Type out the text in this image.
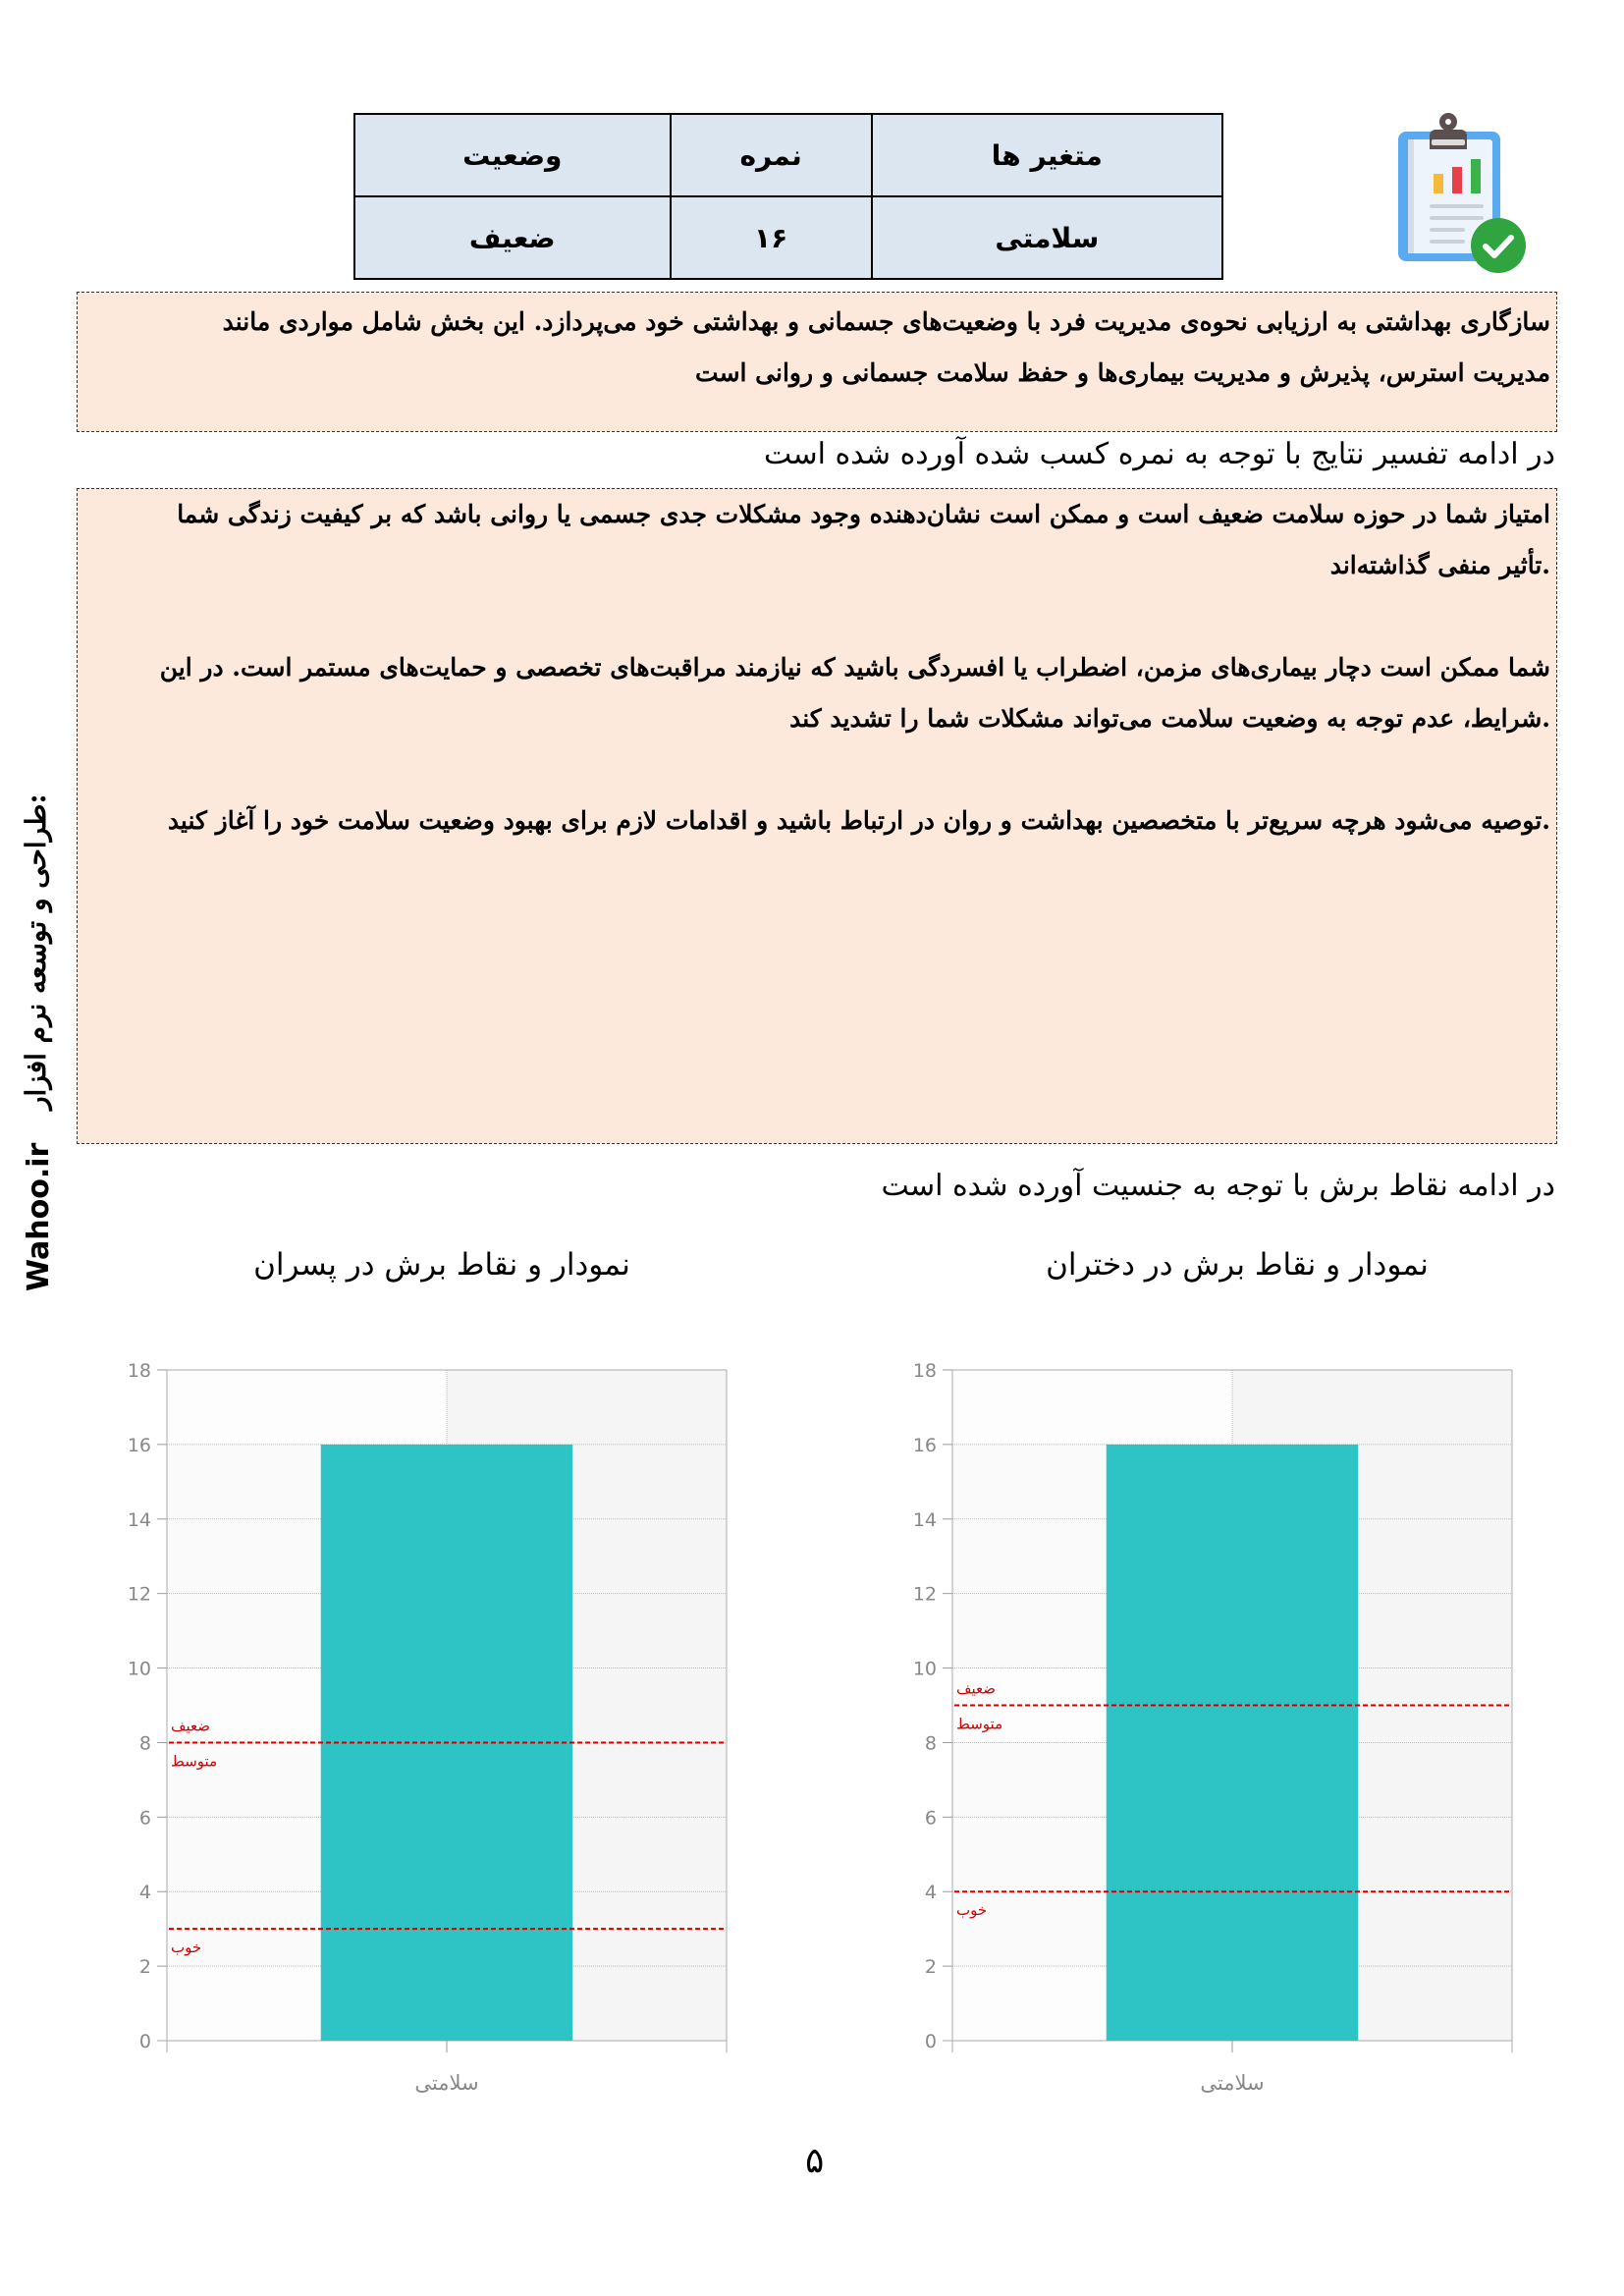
متغیر ها	نمره	وضعیت
سلامتی	۱۶	ضعیف

سازگاری بهداشتی به ارزیابی نحوه‌ی مدیریت فرد با وضعیت‌های جسمانی و بهداشتی خود می‌پردازد. این بخش شامل مواردی مانند

مدیریت استرس، پذیرش و مدیریت بیماری‌ها و حفظ سلامت جسمانی و روانی است

در ادامه تفسیر نتایج با توجه به نمره کسب شده آورده شده است

امتیاز شما در حوزه سلامت ضعیف است و ممکن است نشان‌دهنده وجود مشکلات جدی جسمی یا روانی باشد که بر کیفیت زندگی شما

.تأثیر منفی گذاشته‌اند

شما ممکن است دچار بیماری‌های مزمن، اضطراب یا افسردگی باشید که نیازمند مراقبت‌های تخصصی و حمایت‌های مستمر است. در این

.شرایط، عدم توجه به وضعیت سلامت می‌تواند مشکلات شما را تشدید کند

.توصیه می‌شود هرچه سریع‌تر با متخصصین بهداشت و روان در ارتباط باشید و اقدامات لازم برای بهبود وضعیت سلامت خود را آغاز کنید

در ادامه نقاط برش با توجه به جنسیت آورده شده است
طراحی و توسعه نرم افزار:
Wahoo.ir	نمودار و نقاط برش در دختران
نمودار و نقاط برش در پسران
0
2
4
6
8
10
12
14
16
18
سلامتی
ضعیف
متوسط
خوب
0
2
4
6
8
10
12
14
16
18
سلامتی
ضعیف
متوسط
خوب
۵
